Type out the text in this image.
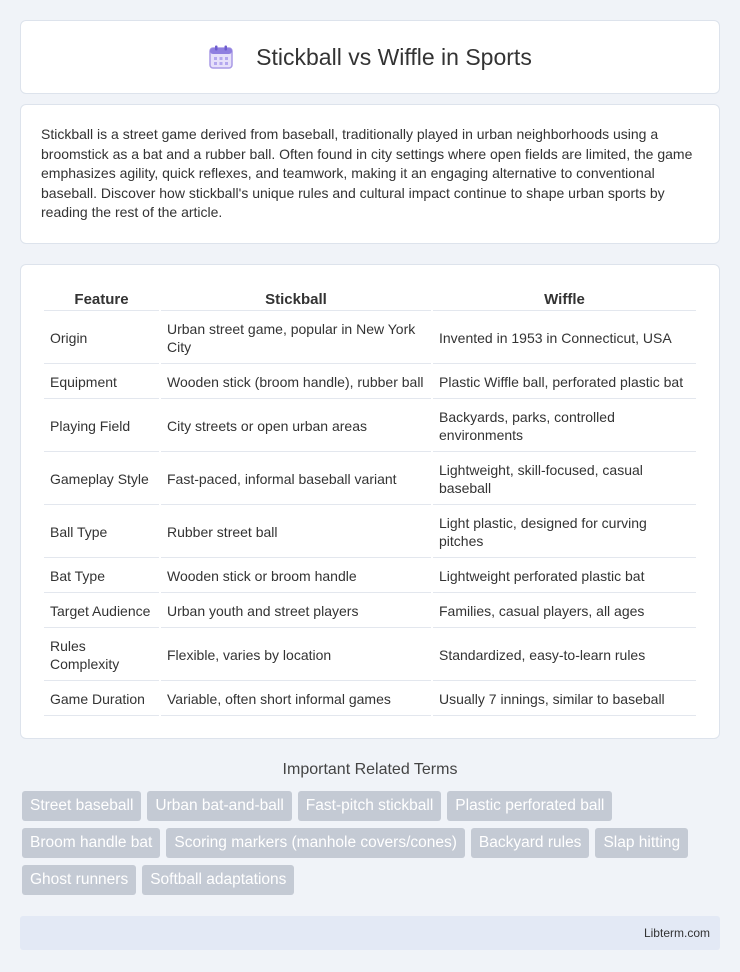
Stickball vs Wiffle in Sports
Stickball is a street game derived from baseball, traditionally played in urban neighborhoods using a broomstick as a bat and a rubber ball. Often found in city settings where open fields are limited, the game emphasizes agility, quick reflexes, and teamwork, making it an engaging alternative to conventional baseball. Discover how stickball's unique rules and cultural impact continue to shape urban sports by reading the rest of the article.
Feature	Stickball	Wiffle
Origin	Urban street game, popular in New York City	Invented in 1953 in Connecticut, USA
Equipment	Wooden stick (broom handle), rubber ball	Plastic Wiffle ball, perforated plastic bat
Playing Field	City streets or open urban areas	Backyards, parks, controlled environments
Gameplay Style	Fast-paced, informal baseball variant	Lightweight, skill-focused, casual baseball
Ball Type	Rubber street ball	Light plastic, designed for curving pitches
Bat Type	Wooden stick or broom handle	Lightweight perforated plastic bat
Target Audience	Urban youth and street players	Families, casual players, all ages
Rules Complexity	Flexible, varies by location	Standardized, easy-to-learn rules
Game Duration	Variable, often short informal games	Usually 7 innings, similar to baseball
Important Related Terms
Street baseball	Urban bat-and-ball	Fast-pitch stickball	Plastic perforated ball
Broom handle bat	Scoring markers (manhole covers/cones)	Backyard rules	Slap hitting
Ghost runners	Softball adaptations
Libterm.com
